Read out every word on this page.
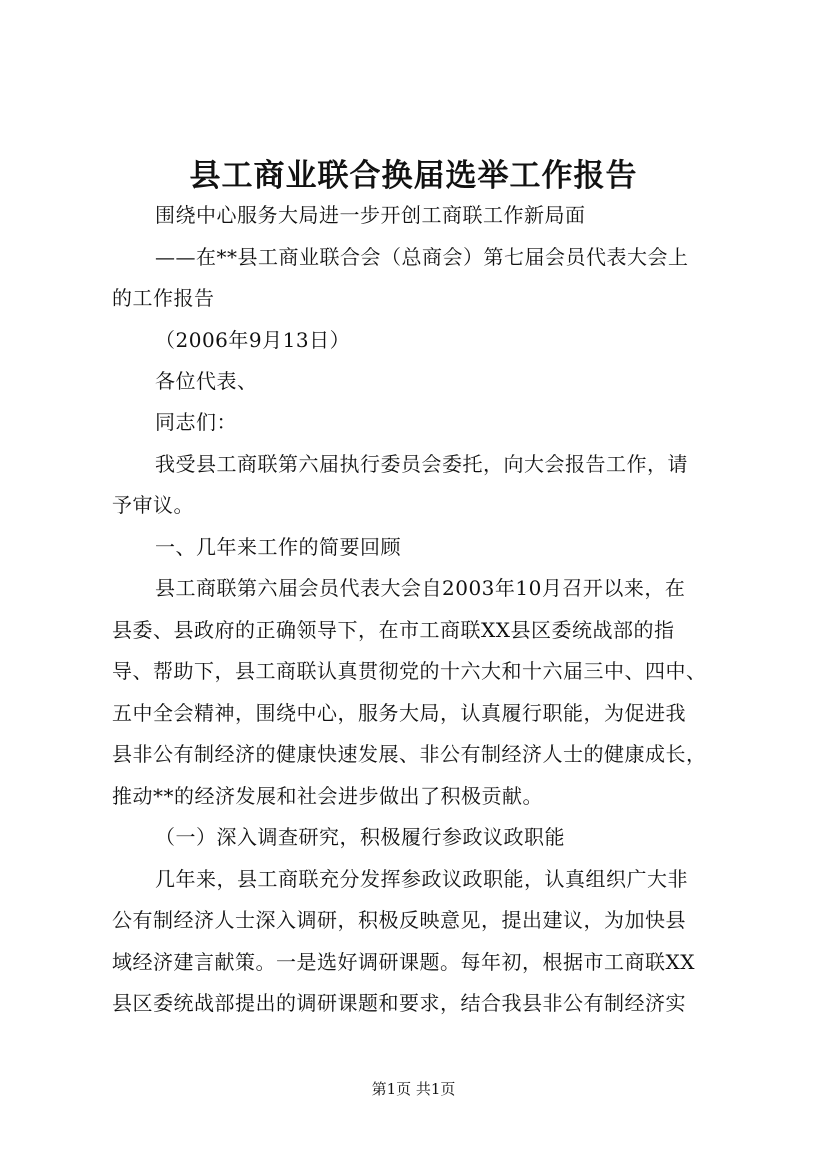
县工商业联合换届选举工作报告
围绕中心服务大局进一步开创工商联工作新局面
——在**县工商业联合会（总商会）第七届会员代表大会上
的工作报告
（2006年9月13日）
各位代表、
同志们：
我受县工商联第六届执行委员会委托，向大会报告工作，请
予审议。
一、几年来工作的简要回顾
县工商联第六届会员代表大会自2003年10月召开以来，在
县委、县政府的正确领导下，在市工商联XX县区委统战部的指
导、帮助下，县工商联认真贯彻党的十六大和十六届三中、四中、
五中全会精神，围绕中心，服务大局，认真履行职能，为促进我
县非公有制经济的健康快速发展、非公有制经济人士的健康成长，
推动**的经济发展和社会进步做出了积极贡献。
（一）深入调查研究，积极履行参政议政职能
几年来，县工商联充分发挥参政议政职能，认真组织广大非
公有制经济人士深入调研，积极反映意见，提出建议，为加快县
域经济建言献策。一是选好调研课题。每年初，根据市工商联XX
县区委统战部提出的调研课题和要求，结合我县非公有制经济实
第1页 共1页
